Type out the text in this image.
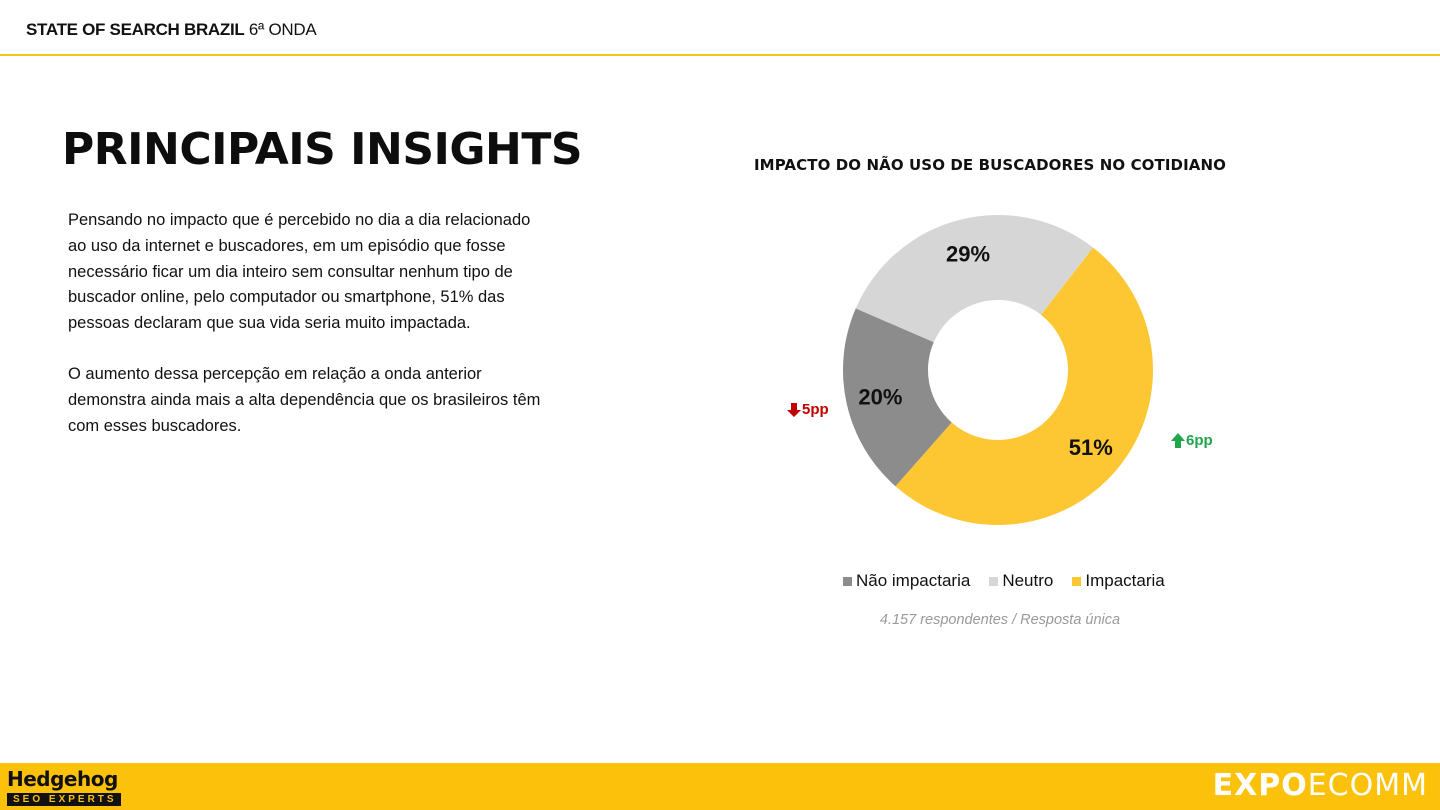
STATE OF SEARCH BRAZIL 6ª ONDA
PRINCIPAIS INSIGHTS

Pensando no impacto que é percebido no dia a dia relacionado ao uso da internet e buscadores, em um episódio que fosse necessário ficar um dia inteiro sem consultar nenhum tipo de buscador online, pelo computador ou smartphone, 51% das pessoas declaram que sua vida seria muito impactada.

O aumento dessa percepção em relação a onda anterior demonstra ainda mais a alta dependência que os brasileiros têm com esses buscadores.

IMPACTO DO NÃO USO DE BUSCADORES NO COTIDIANO
51%
20%
29%
5pp
6pp
Não impactaria Neutro Impactaria
4.157 respondentes / Resposta única
Hedgehog
SEO EXPERTS	EXPOECOMM
